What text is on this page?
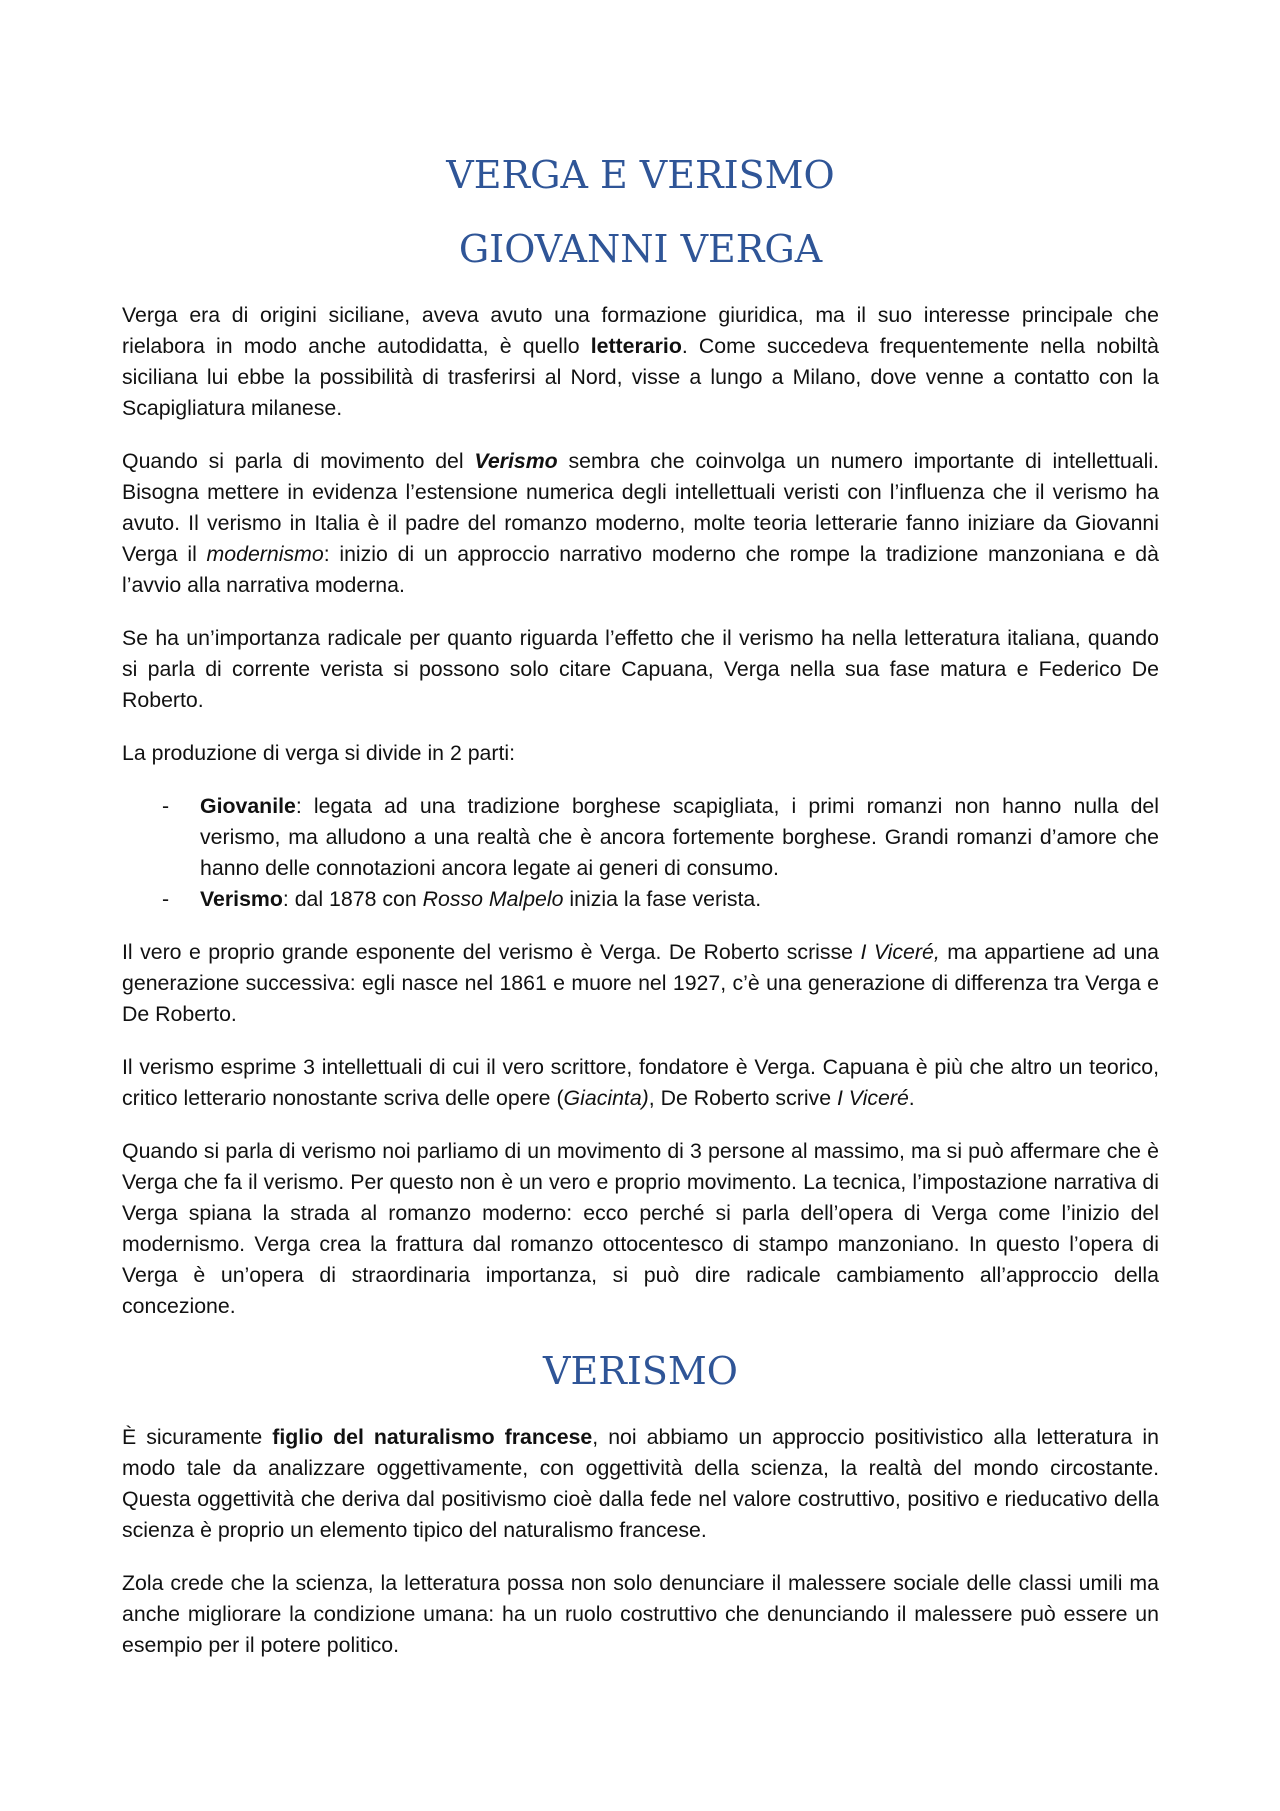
VERGA E VERISMO
GIOVANNI VERGA

Verga era di origini siciliane, aveva avuto una formazione giuridica, ma il suo interesse principale che rielabora in modo anche autodidatta, è quello letterario. Come succedeva frequentemente nella nobiltà siciliana lui ebbe la possibilità di trasferirsi al Nord, visse a lungo a Milano, dove venne a contatto con la Scapigliatura milanese.

Quando si parla di movimento del Verismo sembra che coinvolga un numero importante di intellettuali. Bisogna mettere in evidenza l’estensione numerica degli intellettuali veristi con l’influenza che il verismo ha avuto. Il verismo in Italia è il padre del romanzo moderno, molte teoria letterarie fanno iniziare da Giovanni Verga il modernismo: inizio di un approccio narrativo moderno che rompe la tradizione manzoniana e dà l’avvio alla narrativa moderna.

Se ha un’importanza radicale per quanto riguarda l’effetto che il verismo ha nella letteratura italiana, quando si parla di corrente verista si possono solo citare Capuana, Verga nella sua fase matura e Federico De Roberto.

La produzione di verga si divide in 2 parti:

- Giovanile: legata ad una tradizione borghese scapigliata, i primi romanzi non hanno nulla del verismo, ma alludono a una realtà che è ancora fortemente borghese. Grandi romanzi d’amore che hanno delle connotazioni ancora legate ai generi di consumo.
- Verismo: dal 1878 con Rosso Malpelo inizia la fase verista.

Il vero e proprio grande esponente del verismo è Verga. De Roberto scrisse I Viceré, ma appartiene ad una generazione successiva: egli nasce nel 1861 e muore nel 1927, c’è una generazione di differenza tra Verga e De Roberto.

Il verismo esprime 3 intellettuali di cui il vero scrittore, fondatore è Verga. Capuana è più che altro un teorico, critico letterario nonostante scriva delle opere (Giacinta), De Roberto scrive I Viceré.

Quando si parla di verismo noi parliamo di un movimento di 3 persone al massimo, ma si può affermare che è Verga che fa il verismo. Per questo non è un vero e proprio movimento. La tecnica, l’impostazione narrativa di Verga spiana la strada al romanzo moderno: ecco perché si parla dell’opera di Verga come l’inizio del modernismo. Verga crea la frattura dal romanzo ottocentesco di stampo manzoniano. In questo l’opera di Verga è un’opera di straordinaria importanza, si può dire radicale cambiamento all’approccio della concezione.

VERISMO

È sicuramente figlio del naturalismo francese, noi abbiamo un approccio positivistico alla letteratura in modo tale da analizzare oggettivamente, con oggettività della scienza, la realtà del mondo circostante. Questa oggettività che deriva dal positivismo cioè dalla fede nel valore costruttivo, positivo e rieducativo della scienza è proprio un elemento tipico del naturalismo francese.

Zola crede che la scienza, la letteratura possa non solo denunciare il malessere sociale delle classi umili ma anche migliorare la condizione umana: ha un ruolo costruttivo che denunciando il malessere può essere un esempio per il potere politico.
